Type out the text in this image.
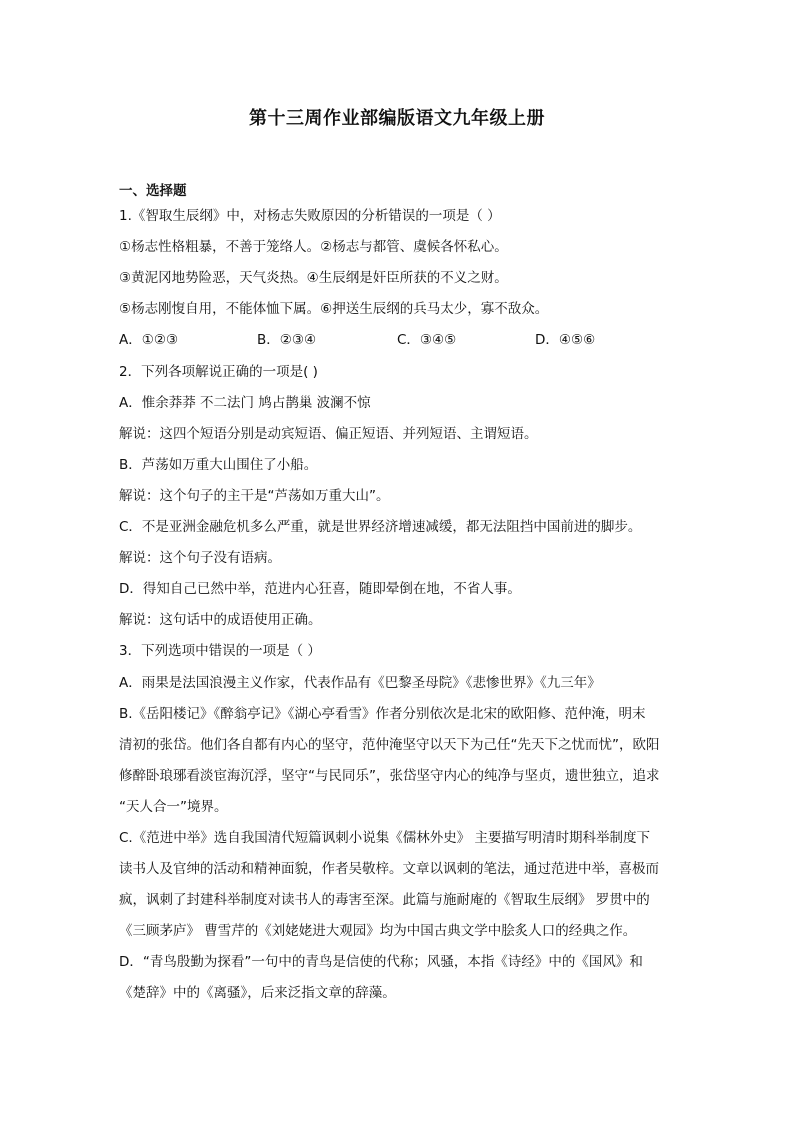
第十三周作业部编版语文九年级上册
一、选择题
1.《智取生辰纲》中，对杨志失败原因的分析错误的一项是（ ）
①杨志性格粗暴，不善于笼络人。②杨志与都管、虞候各怀私心。
③黄泥冈地势险恶，天气炎热。④生辰纲是奸臣所获的不义之财。
⑤杨志刚愎自用，不能体恤下属。⑥押送生辰纲的兵马太少，寡不敌众。
A．①②③	B．②③④	C．③④⑤	D．④⑤⑥
2．下列各项解说正确的一项是( )
A．惟余莽莽 不二法门 鸠占鹊巢 波澜不惊
解说：这四个短语分别是动宾短语、偏正短语、并列短语、主谓短语。
B．芦荡如万重大山围住了小船。
解说：这个句子的主干是“芦荡如万重大山”。
C．不是亚洲金融危机多么严重，就是世界经济增速减缓，都无法阻挡中国前进的脚步。
解说：这个句子没有语病。
D．得知自己已然中举，范进内心狂喜，随即晕倒在地，不省人事。
解说：这句话中的成语使用正确。
3．下列选项中错误的一项是（ ）
A．雨果是法国浪漫主义作家，代表作品有《巴黎圣母院》《悲惨世界》《九三年》
B.《岳阳楼记》《醉翁亭记》《湖心亭看雪》作者分别依次是北宋的欧阳修、范仲淹，明末
清初的张岱。他们各自都有内心的坚守，范仲淹坚守以天下为己任“先天下之忧而忧”，欧阳
修醉卧琅琊看淡宦海沉浮，坚守“与民同乐”，张岱坚守内心的纯净与坚贞，遗世独立，追求
“天人合一”境界。
C.《范进中举》选自我国清代短篇讽刺小说集《儒林外史》 主要描写明清时期科举制度下
读书人及官绅的活动和精神面貌，作者吴敬梓。文章以讽刺的笔法，通过范进中举，喜极而
疯，讽刺了封建科举制度对读书人的毒害至深。此篇与施耐庵的《智取生辰纲》 罗贯中的
《三顾茅庐》 曹雪芹的《刘姥姥进大观园》均为中国古典文学中脍炙人口的经典之作。
D．“青鸟殷勤为探看”一句中的青鸟是信使的代称；风骚，本指《诗经》中的《国风》和
《楚辞》中的《离骚》，后来泛指文章的辞藻。
